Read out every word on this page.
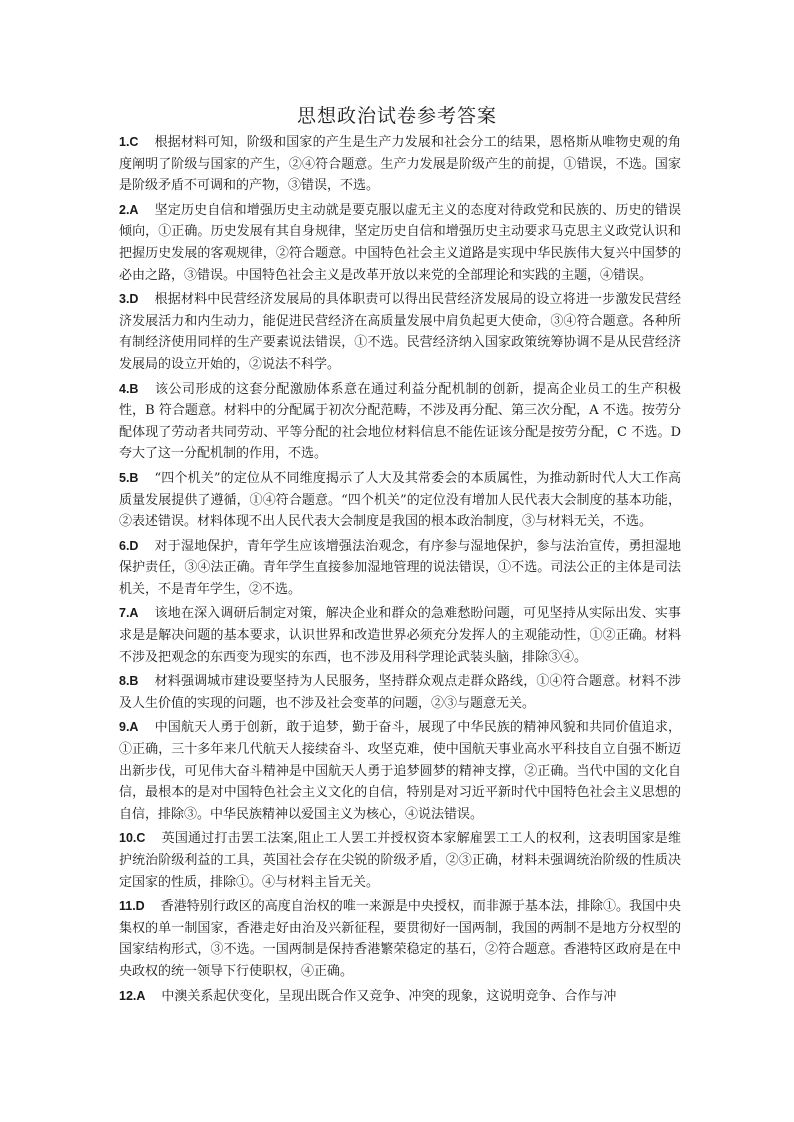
思想政治试卷参考答案

1.C 根据材料可知，阶级和国家的产生是生产力发展和社会分工的结果，恩格斯从唯物史观的角度阐明了阶级与国家的产生，②④符合题意。生产力发展是阶级产生的前提，①错误，不选。国家是阶级矛盾不可调和的产物，③错误，不选。

2.A 坚定历史自信和增强历史主动就是要克服以虚无主义的态度对待政党和民族的、历史的错误倾向，①正确。历史发展有其自身规律，坚定历史自信和增强历史主动要求马克思主义政党认识和把握历史发展的客观规律，②符合题意。中国特色社会主义道路是实现中华民族伟大复兴中国梦的必由之路，③错误。中国特色社会主义是改革开放以来党的全部理论和实践的主题，④错误。

3.D 根据材料中民营经济发展局的具体职责可以得出民营经济发展局的设立将进一步激发民营经济发展活力和内生动力，能促进民营经济在高质量发展中肩负起更大使命，③④符合题意。各种所有制经济使用同样的生产要素说法错误，①不选。民营经济纳入国家政策统筹协调不是从民营经济发展局的设立开始的，②说法不科学。

4.B 该公司形成的这套分配激励体系意在通过利益分配机制的创新，提高企业员工的生产积极性，B 符合题意。材料中的分配属于初次分配范畴，不涉及再分配、第三次分配，A 不选。按劳分配体现了劳动者共同劳动、平等分配的社会地位材料信息不能佐证该分配是按劳分配，C 不选。D 夸大了这一分配机制的作用，不选。

5.B “四个机关”的定位从不同维度揭示了人大及其常委会的本质属性，为推动新时代人大工作高质量发展提供了遵循，①④符合题意。“四个机关”的定位没有增加人民代表大会制度的基本功能，②表述错误。材料体现不出人民代表大会制度是我国的根本政治制度，③与材料无关，不选。

6.D 对于湿地保护，青年学生应该增强法治观念，有序参与湿地保护，参与法治宣传，勇担湿地保护责任，③④法正确。青年学生直接参加湿地管理的说法错误，①不选。司法公正的主体是司法机关，不是青年学生，②不选。

7.A 该地在深入调研后制定对策，解决企业和群众的急难愁盼问题，可见坚持从实际出发、实事求是是解决问题的基本要求，认识世界和改造世界必须充分发挥人的主观能动性，①②正确。材料不涉及把观念的东西变为现实的东西，也不涉及用科学理论武装头脑，排除③④。

8.B 材料强调城市建设要坚持为人民服务，坚持群众观点走群众路线，①④符合题意。材料不涉及人生价值的实现的问题，也不涉及社会变革的问题，②③与题意无关。

9.A 中国航天人勇于创新，敢于追梦，勤于奋斗，展现了中华民族的精神风貌和共同价值追求，①正确，三十多年来几代航天人接续奋斗、攻坚克难，使中国航天事业高水平科技自立自强不断迈出新步伐，可见伟大奋斗精神是中国航天人勇于追梦圆梦的精神支撑，②正确。当代中国的文化自信，最根本的是对中国特色社会主义文化的自信，特别是对习近平新时代中国特色社会主义思想的自信，排除③。中华民族精神以爱国主义为核心，④说法错误。

10.C 英国通过打击罢工法案,阻止工人罢工并授权资本家解雇罢工工人的权利，这表明国家是维护统治阶级利益的工具，英国社会存在尖锐的阶级矛盾，②③正确，材料未强调统治阶级的性质决定国家的性质，排除①。④与材料主旨无关。

11.D 香港特别行政区的高度自治权的唯一来源是中央授权，而非源于基本法，排除①。我国中央集权的单一制国家，香港走好由治及兴新征程，要贯彻好一国两制，我国的两制不是地方分权型的国家结构形式，③不选。一国两制是保持香港繁荣稳定的基石，②符合题意。香港特区政府是在中央政权的统一领导下行使职权，④正确。

12.A 中澳关系起伏变化，呈现出既合作又竞争、冲突的现象，这说明竞争、合作与冲
